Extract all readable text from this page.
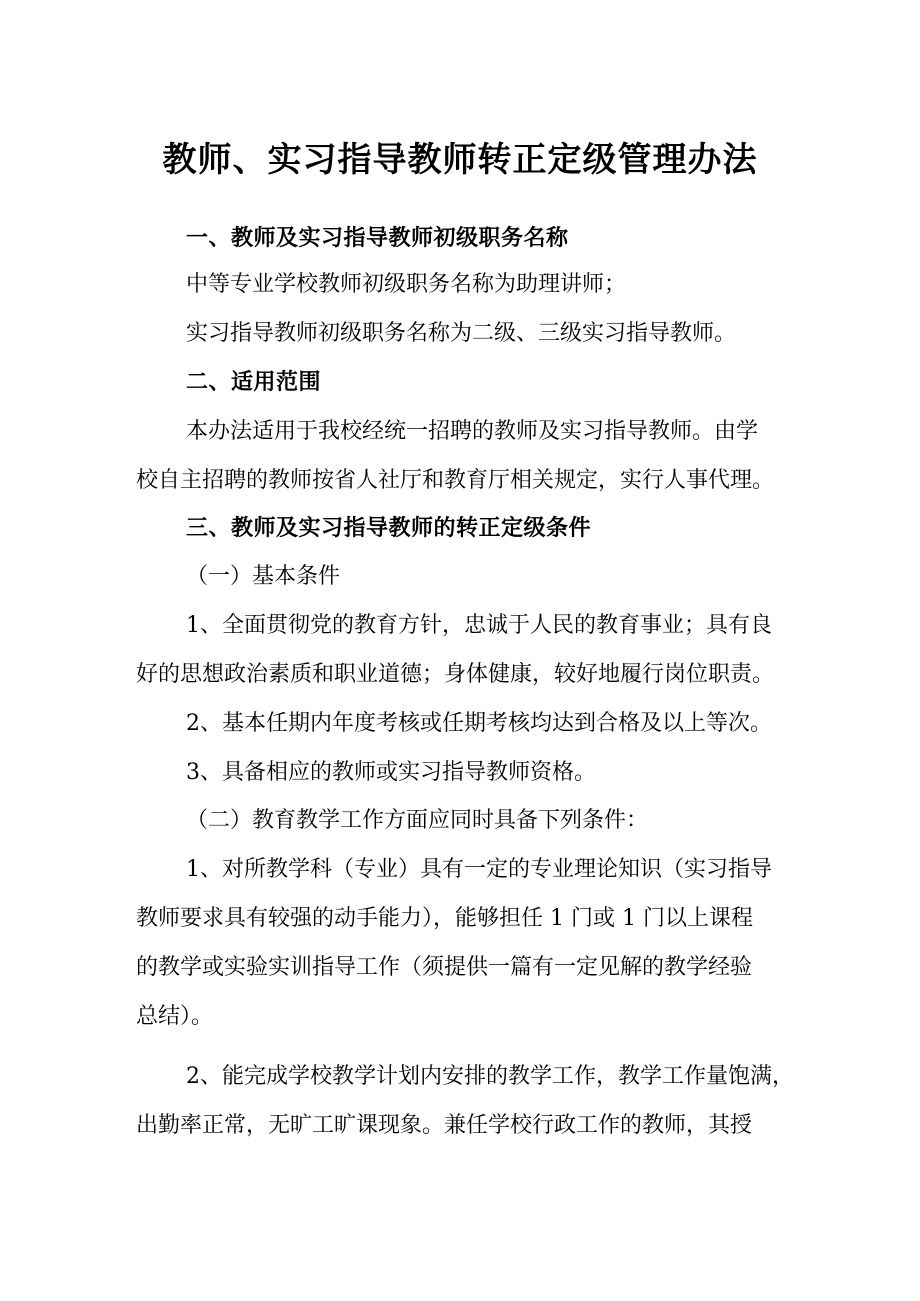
教师、实习指导教师转正定级管理办法
一、教师及实习指导教师初级职务名称
中等专业学校教师初级职务名称为助理讲师；
实习指导教师初级职务名称为二级、三级实习指导教师。
二、适用范围
本办法适用于我校经统一招聘的教师及实习指导教师。由学
校自主招聘的教师按省人社厅和教育厅相关规定，实行人事代理。
三、教师及实习指导教师的转正定级条件
（一）基本条件
1、全面贯彻党的教育方针，忠诚于人民的教育事业；具有良
好的思想政治素质和职业道德；身体健康，较好地履行岗位职责。
2、基本任期内年度考核或任期考核均达到合格及以上等次。
3、具备相应的教师或实习指导教师资格。
（二）教育教学工作方面应同时具备下列条件：
1、对所教学科（专业）具有一定的专业理论知识（实习指导
教师要求具有较强的动手能力），能够担任 1 门或 1 门以上课程
的教学或实验实训指导工作（须提供一篇有一定见解的教学经验
总结）。
2、能完成学校教学计划内安排的教学工作，教学工作量饱满，
出勤率正常，无旷工旷课现象。兼任学校行政工作的教师，其授
